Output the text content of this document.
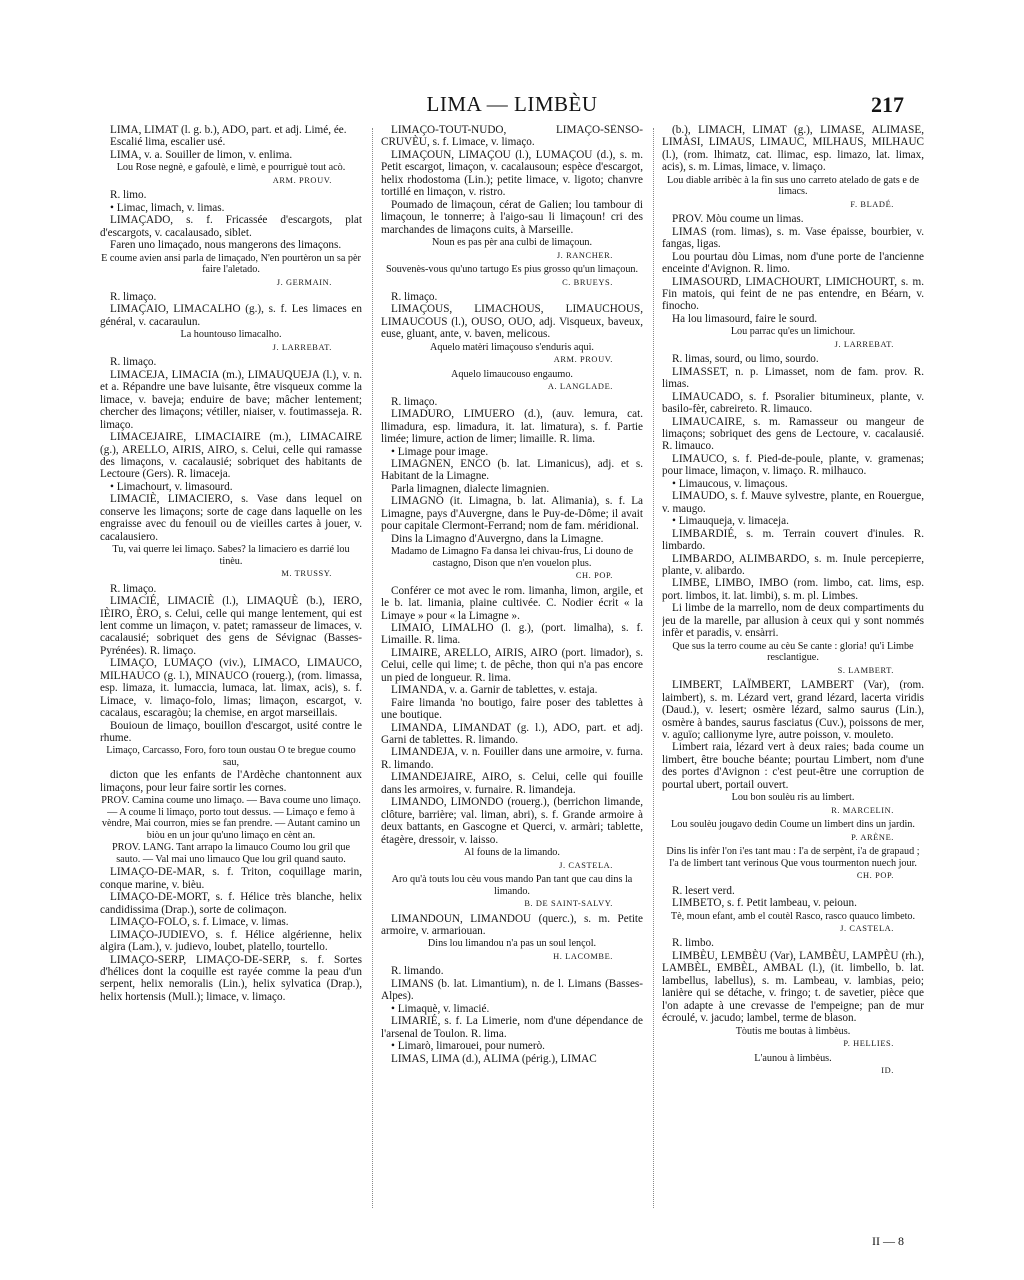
LIMA — LIMBÈU	217
LIMA, LIMAT (l. g. b.), ADO, part. et adj. Limé, ée.
Escalié lima, escalier usé.
LIMA, v. a. Souiller de limon, v. enlima.
Lou Rose negnè, e gafoulè, e limè, e pourriguè tout acò.
ARM. PROUV.
R. limo.
• Limac, limach, v. limas.
LIMAÇADO, s. f. Fricassée d'escargots, plat d'escargots, v. cacalausado, siblet.
Faren uno limaçado, nous mangerons des limaçons.
E coume avien ansi parla de limaçado, N'en pourtèron un sa pèr faire l'aletado.
J. GERMAIN.
R. limaço.
LIMAÇAIO, LIMACALHO (g.), s. f. Les limaces en général, v. cacaraulun.
La hountouso limacalho.
J. LARREBAT.
R. limaço.
LIMACEJA, LIMACIA (m.), LIMAUQUEJA (l.), v. n. et a. Répandre une bave luisante, être visqueux comme la limace, v. baveja; enduire de bave; mâcher lentement; chercher des limaçons; vétiller, niaiser, v. foutimasseja. R. limaço.
LIMACEJAIRE, LIMACIAIRE (m.), LIMACAIRE (g.), ARELLO, AIRIS, AIRO, s. Celui, celle qui ramasse des limaçons, v. cacalausié; sobriquet des habitants de Lectoure (Gers). R. limaceja.
• Limachourt, v. limasourd.
LIMACIÈ, LIMACIERO, s. Vase dans lequel on conserve les limaçons; sorte de cage dans laquelle on les engraisse avec du fenouil ou de vieilles cartes à jouer, v. cacalausiero.
Tu, vai querre lei limaço. Sabes? la limaciero es darrié lou tinèu.
M. TRUSSY.
R. limaço.
LIMACIÉ, LIMACIÈ (l.), LIMAQUÈ (b.), IERO, IÈIRO, ÈRO, s. Celui, celle qui mange lentement, qui est lent comme un limaçon, v. patet; ramasseur de limaces, v. cacalausié; sobriquet des gens de Sévignac (Basses-Pyrénées). R. limaço.
LIMAÇO, LUMAÇO (viv.), LIMACO, LIMAUCO, MILHAUCO (g. l.), MINAUCO (rouerg.), (rom. limassa, esp. limaza, it. lumaccia, lumaca, lat. limax, acis), s. f. Limace, v. limaço-folo, limas; limaçon, escargot, v. cacalaus, escaragòu; la chemise, en argot marseillais.
Bouioun de limaço, bouillon d'escargot, usité contre le rhume.
Limaço, Carcasso, Foro, foro toun oustau O te bregue coumo sau,
dicton que les enfants de l'Ardèche chantonnent aux limaçons, pour leur faire sortir les cornes.
PROV. Camina coume uno limaço. — Bava coume uno limaço. — A coume li limaço, porto tout dessus. — Limaço e femo à vèndre, Mai courron, mies se fan prendre. — Autant camino un biòu en un jour qu'uno limaço en cènt an.
PROV. LANG. Tant arrapo la limauco Coumo lou gril que sauto. — Val mai uno limauco Que lou gril quand sauto.
LIMAÇO-DE-MAR, s. f. Triton, coquillage marin, conque marine, v. bièu.
LIMAÇO-DE-MORT, s. f. Hélice très blanche, helix candidissima (Drap.), sorte de colimaçon.
LIMAÇO-FOLO, s. f. Limace, v. limas.
LIMAÇO-JUDIEVO, s. f. Hélice algérienne, helix algira (Lam.), v. judievo, loubet, platello, tourtello.
LIMAÇO-SERP, LIMAÇO-DE-SERP, s. f. Sortes d'hélices dont la coquille est rayée comme la peau d'un serpent, helix nemoralis (Lin.), helix sylvatica (Drap.), helix hortensis (Mull.); limace, v. limaço.
LIMAÇO-TOUT-NUDO, LIMAÇO-SÈNSO-CRUVÈU, s. f. Limace, v. limaço.
LIMAÇOUN, LIMAÇOU (l.), LUMAÇOU (d.), s. m. Petit escargot, limaçon, v. cacalausoun; espèce d'escargot, helix rhodostoma (Lin.); petite limace, v. ligoto; chanvre tortillé en limaçon, v. ristro.
Poumado de limaçoun, cérat de Galien; lou tambour di limaçoun, le tonnerre; à l'aigo-sau li limaçoun! cri des marchandes de limaçons cuits, à Marseille.
Noun es pas pèr ana culbi de limaçoun.
J. RANCHER.
Souvenès-vous qu'uno tartugo Es pius grosso qu'un limaçoun.
C. BRUEYS.
R. limaço.
LIMAÇOUS, LIMACHOUS, LIMAUCHOUS, LIMAUCOUS (l.), OUSO, OUO, adj. Visqueux, baveux, euse, gluant, ante, v. baven, melicous.
Aquelo matèri limaçouso s'enduris aqui.
ARM. PROUV.
Aquelo limaucouso engaumo.
A. LANGLADE.
R. limaço.
LIMADURO, LIMUERO (d.), (auv. lemura, cat. llimadura, esp. limadura, it. lat. limatura), s. f. Partie limée; limure, action de limer; limaille. R. lima.
• Limage pour image.
LIMAGNEN, ENCO (b. lat. Limanicus), adj. et s. Habitant de la Limagne.
Parla limagnen, dialecte limagnien.
LIMAGNO (it. Limagna, b. lat. Alimania), s. f. La Limagne, pays d'Auvergne, dans le Puy-de-Dôme; il avait pour capitale Clermont-Ferrand; nom de fam. méridional.
Dins la Limagno d'Auvergno, dans la Limagne.
Madamo de Limagno Fa dansa lei chivau-frus, Li douno de castagno, Dison que n'en vouelon plus.
CH. POP.
Conférer ce mot avec le rom. limanha, limon, argile, et le b. lat. limania, plaine cultivée. C. Nodier écrit « la Limaye » pour « la Limagne ».
LIMAIO, LIMALHO (l. g.), (port. limalha), s. f. Limaille. R. lima.
LIMAIRE, ARELLO, AIRIS, AIRO (port. limador), s. Celui, celle qui lime; t. de pêche, thon qui n'a pas encore un pied de longueur. R. lima.
LIMANDA, v. a. Garnir de tablettes, v. estaja.
Faire limanda 'no boutigo, faire poser des tablettes à une boutique.
LIMANDA, LIMANDAT (g. l.), ADO, part. et adj. Garni de tablettes. R. limando.
LIMANDEJA, v. n. Fouiller dans une armoire, v. furna. R. limando.
LIMANDEJAIRE, AIRO, s. Celui, celle qui fouille dans les armoires, v. furnaire. R. limandeja.
LIMANDO, LIMONDO (rouerg.), (berrichon limande, clôture, barrière; val. liman, abri), s. f. Grande armoire à deux battants, en Gascogne et Querci, v. armàri; tablette, étagère, dressoir, v. laisso.
Al founs de la limando.
J. CASTELA.
Aro qu'à touts lou cèu vous mando Pan tant que cau dins la limando.
B. DE SAINT-SALVY.
LIMANDOUN, LIMANDOU (querc.), s. m. Petite armoire, v. armariouan.
Dins lou limandou n'a pas un soul lençol.
H. LACOMBE.
R. limando.
LIMANS (b. lat. Limantium), n. de l. Limans (Basses-Alpes).
• Limaquè, v. limacié.
LIMARIÉ, s. f. La Limerie, nom d'une dépendance de l'arsenal de Toulon. R. lima.
• Limarò, limarouei, pour numerò.
LIMAS, LIMA (d.), ALIMA (périg.), LIMAC
(b.), LIMACH, LIMAT (g.), LIMASE, ALIMASE, LIMÀSI, LIMAUS, LIMAUC, MILHAUS, MILHAUC (l.), (rom. lhimatz, cat. llimac, esp. limazo, lat. limax, acis), s. m. Limas, limace, v. limaço.
Lou diable arribèc à la fin sus uno carreto atelado de gats e de limacs.
F. BLADÉ.
PROV. Mòu coume un limas.
LIMAS (rom. limas), s. m. Vase épaisse, bourbier, v. fangas, ligas.
Lou pourtau dòu Limas, nom d'une porte de l'ancienne enceinte d'Avignon. R. limo.
LIMASOURD, LIMACHOURT, LIMICHOURT, s. m. Fin matois, qui feint de ne pas entendre, en Béarn, v. finocho.
Ha lou limasourd, faire le sourd.
Lou parrac qu'es un limichour.
J. LARREBAT.
R. limas, sourd, ou limo, sourdo.
LIMASSET, n. p. Limasset, nom de fam. prov. R. limas.
LIMAUCADO, s. f. Psoralier bitumineux, plante, v. basilo-fèr, cabreireto. R. limauco.
LIMAUCAIRE, s. m. Ramasseur ou mangeur de limaçons; sobriquet des gens de Lectoure, v. cacalausié. R. limauco.
LIMAUCO, s. f. Pied-de-poule, plante, v. gramenas; pour limace, limaçon, v. limaço. R. milhauco.
• Limaucous, v. limaçous.
LIMAUDO, s. f. Mauve sylvestre, plante, en Rouergue, v. maugo.
• Limauqueja, v. limaceja.
LIMBARDIÉ, s. m. Terrain couvert d'inules. R. limbardo.
LIMBARDO, ALIMBARDO, s. m. Inule percepierre, plante, v. alibardo.
LIMBE, LIMBO, IMBO (rom. limbo, cat. lims, esp. port. limbos, it. lat. limbi), s. m. pl. Limbes.
Li limbe de la marrello, nom de deux compartiments du jeu de la marelle, par allusion à ceux qui y sont nommés infèr et paradis, v. ensàrri.
Que sus la terro coume au cèu Se cante : gloria! qu'i Limbe resclantigue.
S. LAMBERT.
LIMBERT, LAÏMBERT, LAMBERT (Var), (rom. laimbert), s. m. Lézard vert, grand lézard, lacerta viridis (Daud.), v. lesert; osmère lézard, salmo saurus (Lin.), osmère à bandes, saurus fasciatus (Cuv.), poissons de mer, v. aguïo; callionyme lyre, autre poisson, v. mouleto.
Limbert raia, lézard vert à deux raies; bada coume un limbert, être bouche béante; pourtau Limbert, nom d'une des portes d'Avignon : c'est peut-être une corruption de pourtal ubert, portail ouvert.
Lou bon soulèu ris au limbert.
R. MARCELIN.
Lou soulèu jougavo dedin Coume un limbert dins un jardin.
P. ARÈNE.
Dins lis infèr l'on i'es tant mau : I'a de serpènt, i'a de grapaud ; I'a de limbert tant verinous Que vous tourmenton nuech jour.
CH. POP.
R. lesert verd.
LIMBETO, s. f. Petit lambeau, v. peioun.
Tè, moun efant, amb el coutèl Rasco, rasco quauco limbeto.
J. CASTELA.
R. limbo.
LIMBÈU, LEMBÈU (Var), LAMBÈU, LAMPÈU (rh.), LAMBÈL, EMBÈL, AMBAL (l.), (it. limbello, b. lat. lambellus, labellus), s. m. Lambeau, v. lambias, peio; lanière qui se détache, v. fringo; t. de savetier, pièce que l'on adapte à une crevasse de l'empeigne; pan de mur écroulé, v. jacudo; lambel, terme de blason.
Tòutis me boutas à limbèus.
P. HELLIES.
L'aunou à limbèus.
ID.
II — 8
